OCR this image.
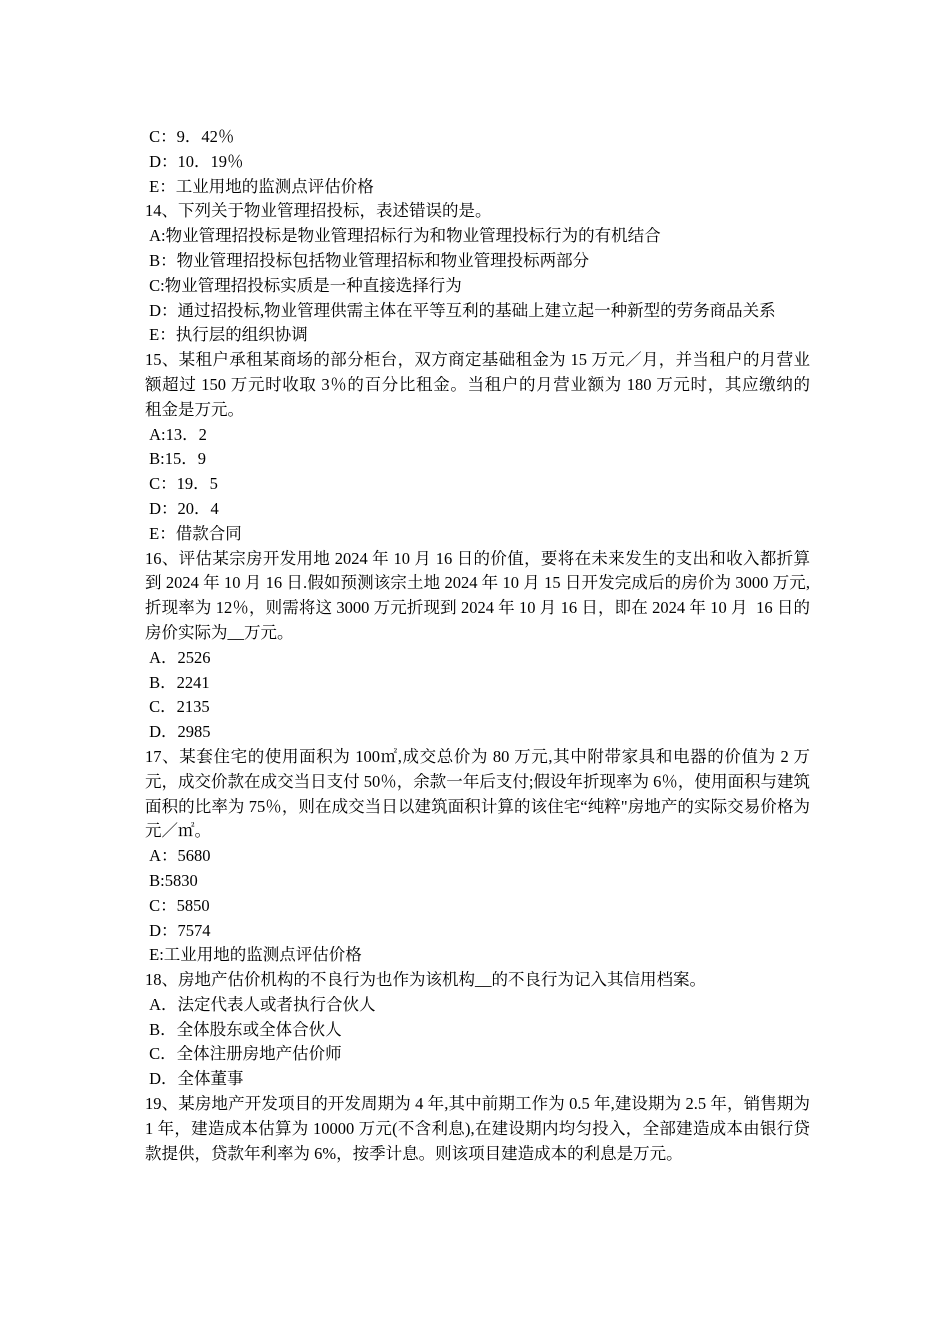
C：9．42％
D：10．19％
E：工业用地的监测点评估价格
14、下列关于物业管理招投标，表述错误的是。
A:物业管理招投标是物业管理招标行为和物业管理投标行为的有机结合
B：物业管理招投标包括物业管理招标和物业管理投标两部分
C:物业管理招投标实质是一种直接选择行为
D：通过招投标,物业管理供需主体在平等互利的基础上建立起一种新型的劳务商品关系
E：执行层的组织协调
15、某租户承租某商场的部分柜台，双方商定基础租金为 15 万元／月，并当租户的月营业额超过 150 万元时收取 3％的百分比租金。当租户的月营业额为 180 万元时，其应缴纳的　 租金是万元。
A:13．2
B:15．9
C：19．5
D：20．4
E：借款合同
16、评估某宗房开发用地 2024 年 10 月 16 日的价值，要将在未来发生的支出和收入都折算到 2024 年 10 月 16 日.假如预测该宗土地 2024 年 10 月 15 日开发完成后的房价为 3000 万元,折现率为 12％，则需将这 3000 万元折现到 2024 年 10 月 16 日，即在 2024 年 10 月  16 日的房价实际为__万元。
A．2526
B．2241
C．2135
D．2985
17、某套住宅的使用面积为 100㎡,成交总价为 80 万元,其中附带家具和电器的价值为 2 万元，成交价款在成交当日支付 50％，余款一年后支付;假设年折现率为 6％，使用面积与建筑面积的比率为 75％，则在成交当日以建筑面积计算的该住宅“纯粹"房地产的实际交易价格为元／㎡。
A：5680
B:5830
C：5850
D：7574
E:工业用地的监测点评估价格
18、房地产估价机构的不良行为也作为该机构__的不良行为记入其信用档案。
A．法定代表人或者执行合伙人
B．全体股东或全体合伙人
C．全体注册房地产估价师
D．全体董事
19、某房地产开发项目的开发周期为 4 年,其中前期工作为 0.5 年,建设期为 2.5 年，销售期为 1 年，建造成本估算为 10000 万元(不含利息),在建设期内均匀投入，全部建造成本由银行贷款提供，贷款年利率为 6%，按季计息。则该项目建造成本的利息是万元。
